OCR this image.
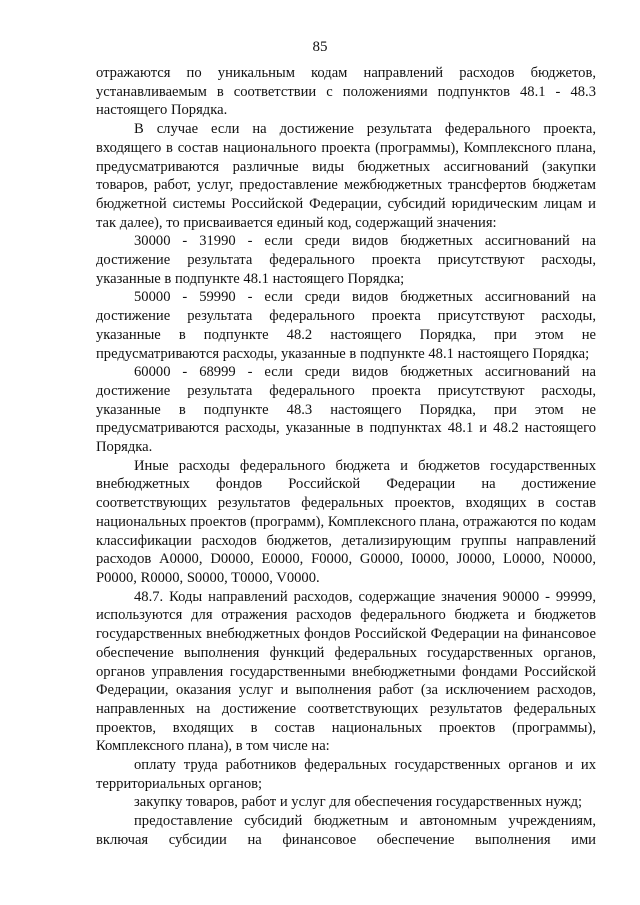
85

отражаются по уникальным кодам направлений расходов бюджетов, устанавливаемым в соответствии с положениями подпунктов 48.1 - 48.3 настоящего Порядка.

В случае если на достижение результата федерального проекта, входящего в состав национального проекта (программы), Комплексного плана, предусматриваются различные виды бюджетных ассигнований (закупки товаров, работ, услуг, предоставление межбюджетных трансфертов бюджетам бюджетной системы Российской Федерации, субсидий юридическим лицам и так далее), то присваивается единый код, содержащий значения:

30000 - 31990 - если среди видов бюджетных ассигнований на достижение результата федерального проекта присутствуют расходы, указанные в подпункте 48.1 настоящего Порядка;

50000 - 59990 - если среди видов бюджетных ассигнований на достижение результата федерального проекта присутствуют расходы, указанные в подпункте 48.2 настоящего Порядка, при этом не предусматриваются расходы, указанные в подпункте 48.1 настоящего Порядка;

60000 - 68999 - если среди видов бюджетных ассигнований на достижение результата федерального проекта присутствуют расходы, указанные в подпункте 48.3 настоящего Порядка, при этом не предусматриваются расходы, указанные в подпунктах 48.1 и 48.2 настоящего Порядка.

Иные расходы федерального бюджета и бюджетов государственных внебюджетных фондов Российской Федерации на достижение соответствующих результатов федеральных проектов, входящих в состав национальных проектов (программ), Комплексного плана, отражаются по кодам классификации расходов бюджетов, детализирующим группы направлений расходов A0000, D0000, E0000, F0000, G0000, I0000, J0000, L0000, N0000, P0000, R0000, S0000, T0000, V0000.

48.7. Коды направлений расходов, содержащие значения 90000 - 99999, используются для отражения расходов федерального бюджета и бюджетов государственных внебюджетных фондов Российской Федерации на финансовое обеспечение выполнения функций федеральных государственных органов, органов управления государственными внебюджетными фондами Российской Федерации, оказания услуг и выполнения работ (за исключением расходов, направленных на достижение соответствующих результатов федеральных проектов, входящих в состав национальных проектов (программы), Комплексного плана), в том числе на:

оплату труда работников федеральных государственных органов и их территориальных органов;

закупку товаров, работ и услуг для обеспечения государственных нужд;

предоставление субсидий бюджетным и автономным учреждениям, включая субсидии на финансовое обеспечение выполнения ими
